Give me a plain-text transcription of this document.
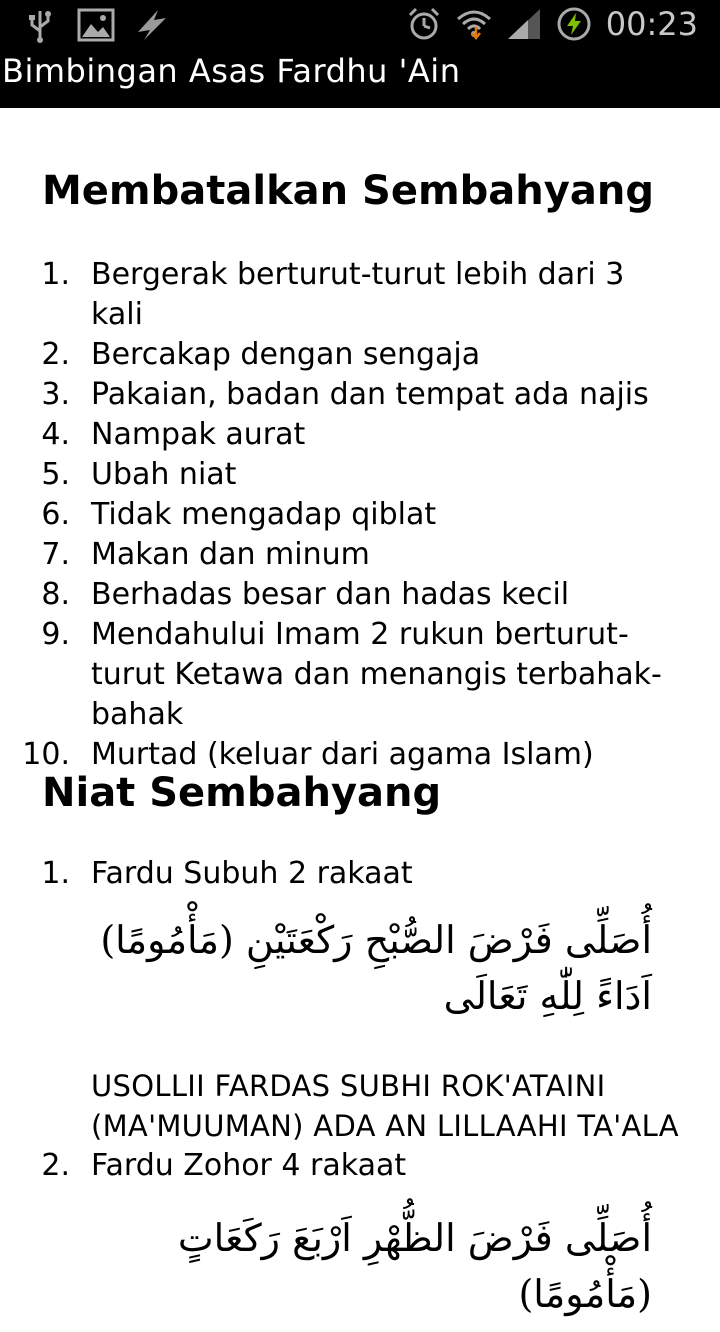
00:23
Bimbingan Asas Fardhu 'Ain
Membatalkan Sembahyang
1. Bergerak berturut-turut lebih dari 3 kali
2. Bercakap dengan sengaja
3. Pakaian, badan dan tempat ada najis
4. Nampak aurat
5. Ubah niat
6. Tidak mengadap qiblat
7. Makan dan minum
8. Berhadas besar dan hadas kecil
9. Mendahului Imam 2 rukun berturut-turut Ketawa dan menangis terbahak-bahak
10. Murtad (keluar dari agama Islam)
Niat Sembahyang
1. Fardu Subuh 2 rakaat
أُصَلِّى فَرْضَ الصُّبْحِ رَكْعَتَيْنِ (مَأْمُومًا) اَدَاءً لِلّٰهِ تَعَالَى
USOLLII FARDAS SUBHI ROK'ATAINI (MA'MUUMAN) ADA AN LILLAAHI TA'ALA
2. Fardu Zohor 4 rakaat
أُصَلِّى فَرْضَ الظُّهْرِ اَرْبَعَ رَكَعَاتٍ (مَأْمُومًا)
